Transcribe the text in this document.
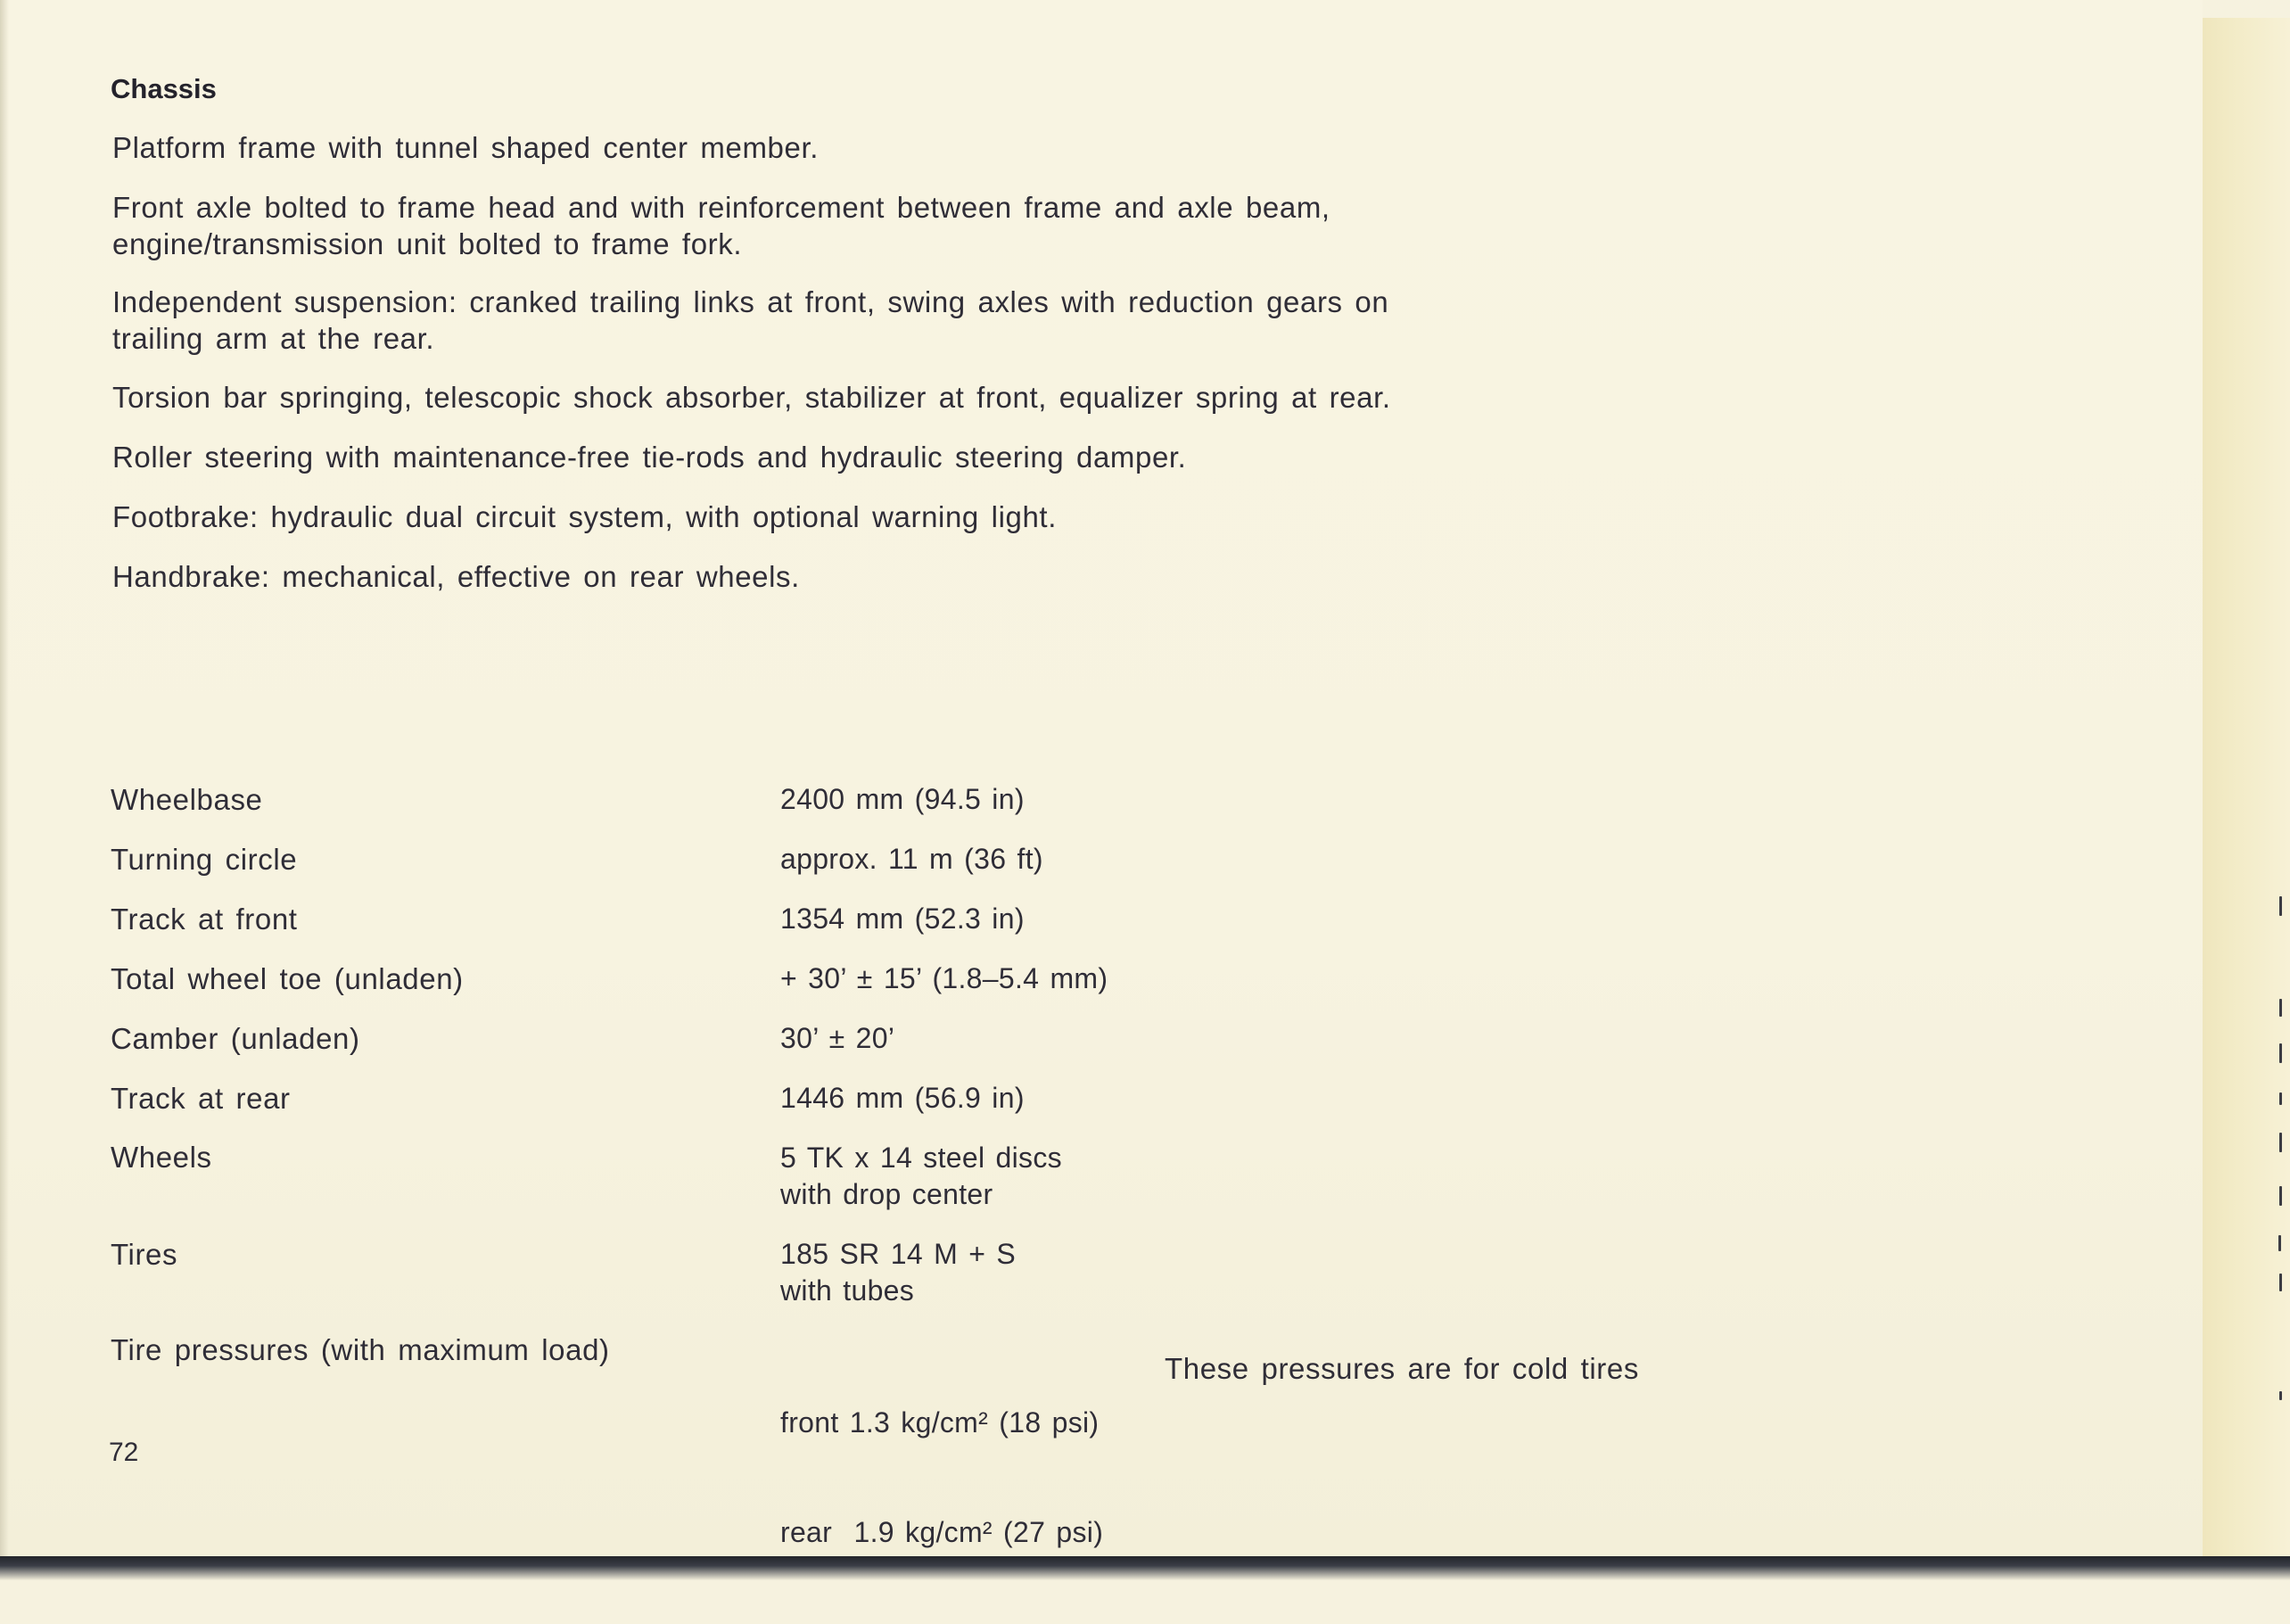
Chassis

Platform frame with tunnel shaped center member.

Front axle bolted to frame head and with reinforcement between frame and axle beam, engine/transmission unit bolted to frame fork.

Independent suspension: cranked trailing links at front, swing axles with reduction gears on trailing arm at the rear.

Torsion bar springing, telescopic shock absorber, stabilizer at front, equalizer spring at rear.

Roller steering with maintenance-free tie-rods and hydraulic steering damper.

Footbrake: hydraulic dual circuit system, with optional warning light.

Handbrake: mechanical, effective on rear wheels.

Wheelbase	2400 mm (94.5 in)
Turning circle	approx. 11 m (36 ft)
Track at front	1354 mm (52.3 in)
Total wheel toe (unladen)	+ 30’ ± 15’ (1.8–5.4 mm)
Camber (unladen)	30’ ± 20’
Track at rear	1446 mm (56.9 in)
Wheels	5 TK x 14 steel discs
with drop center
Tires	185 SR 14 M + S
with tubes
Tire pressures (with maximum load)

front 1.3 kg/cm² (18 psi)

rear  1.9 kg/cm² (27 psi)

These pressures are for cold tires
72
